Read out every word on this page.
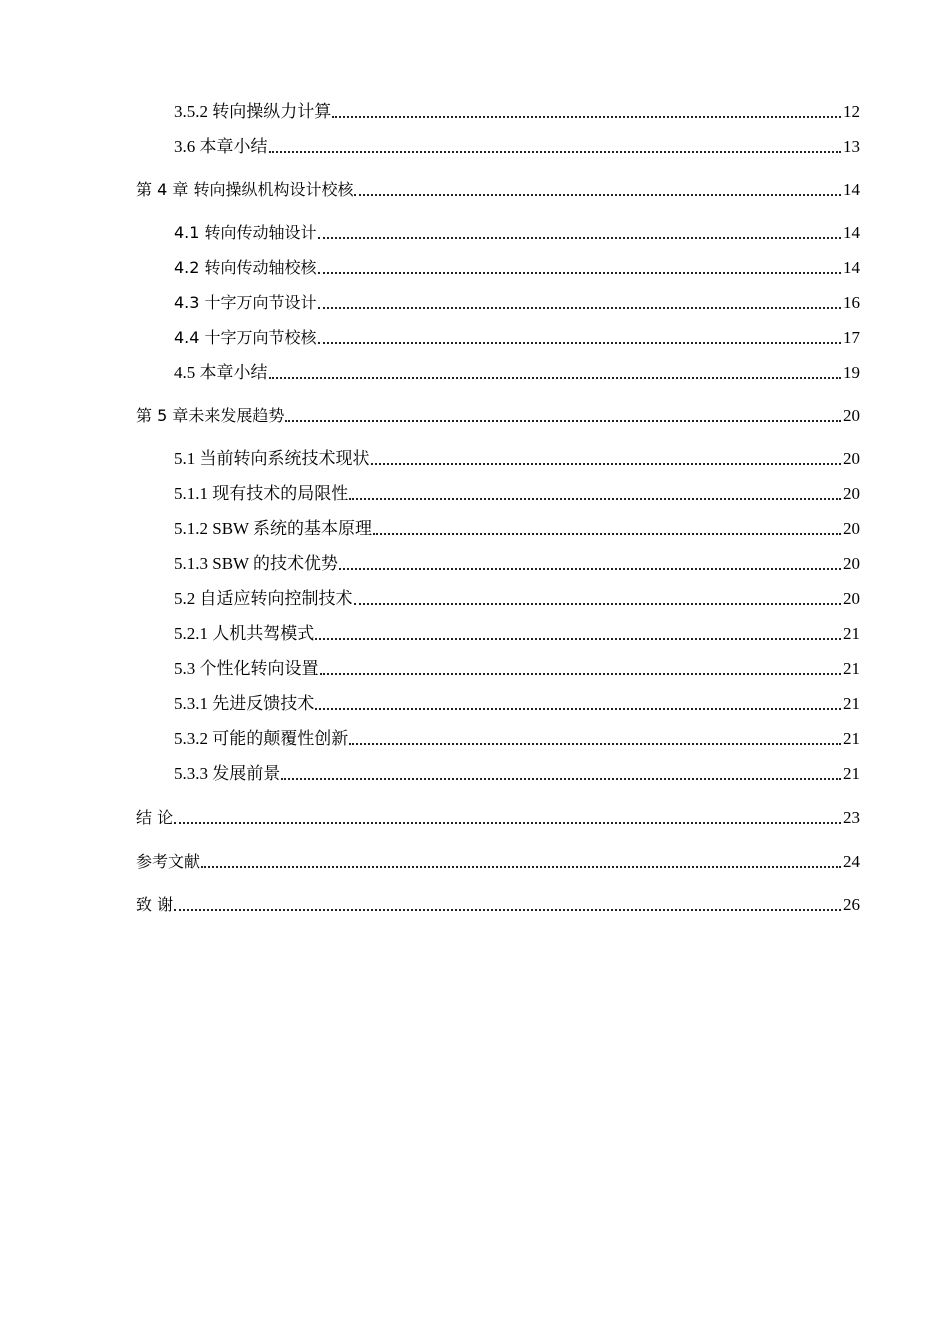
3.5.2 转向操纵力计算	12
3.6 本章小结	13
第 4 章 转向操纵机构设计校核	14
4.1 转向传动轴设计	14
4.2 转向传动轴校核	14
4.3 十字万向节设计	16
4.4 十字万向节校核	17
4.5 本章小结	19
第 5 章未来发展趋势	20
5.1 当前转向系统技术现状	20
5.1.1 现有技术的局限性	20
5.1.2 SBW 系统的基本原理	20
5.1.3 SBW 的技术优势	20
5.2 自适应转向控制技术	20
5.2.1 人机共驾模式	21
5.3 个性化转向设置	21
5.3.1 先进反馈技术	21
5.3.2 可能的颠覆性创新	21
5.3.3 发展前景	21
结 论	23
参考文献	24
致 谢	26
